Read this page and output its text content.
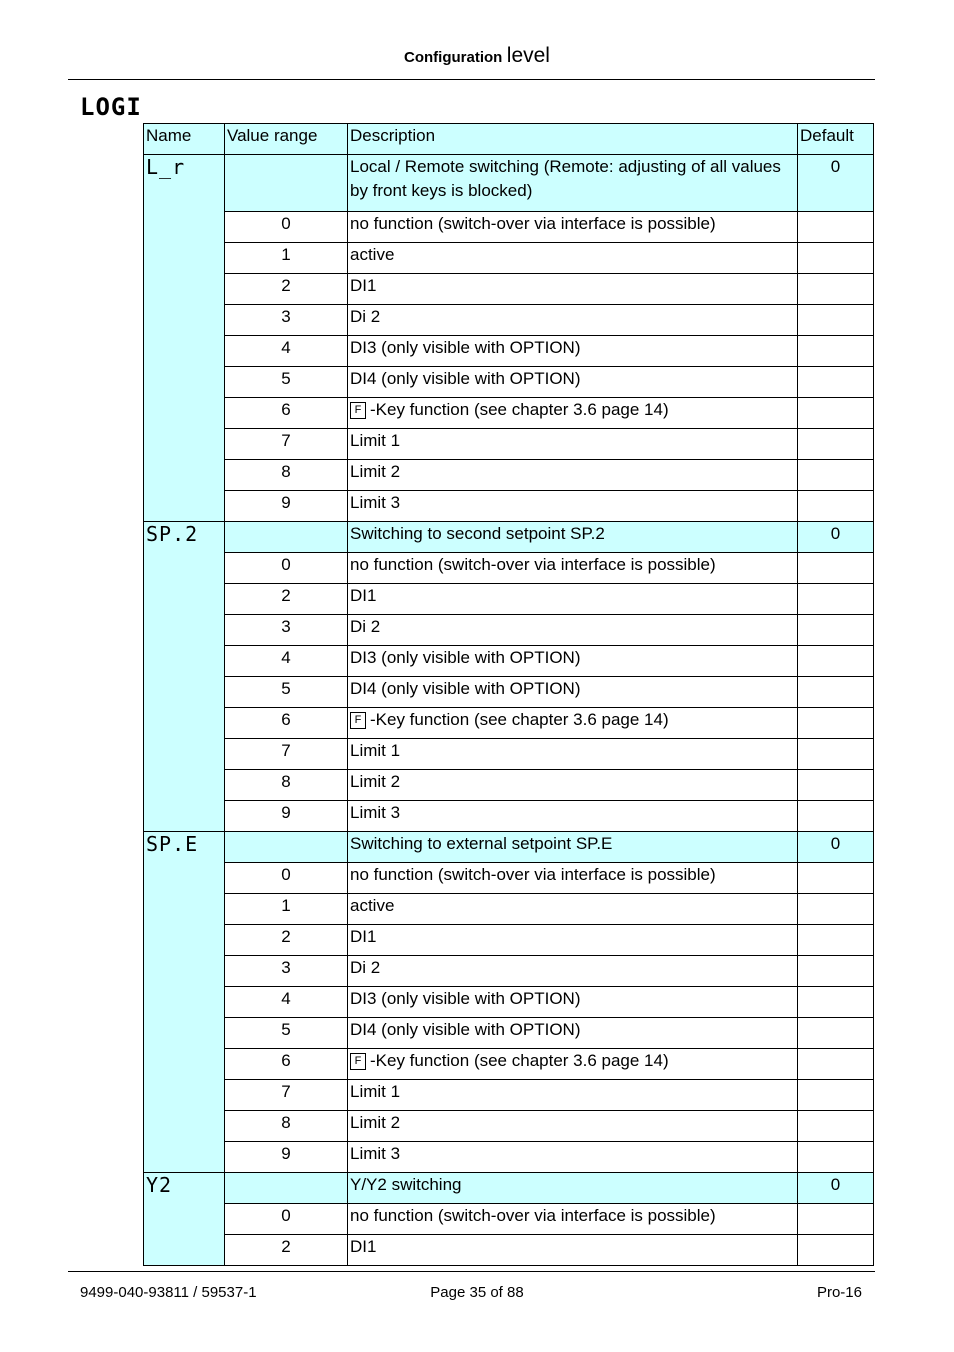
Configuration level
LOGI
Name	Value range	Description	Default
L_r		Local / Remote switching (Remote: adjusting of all values by front keys is blocked)	0
	0	no function (switch-over via interface is possible)	
	1	active	
	2	DI1	
	3	Di 2	
	4	DI3 (only visible with OPTION)	
	5	DI4 (only visible with OPTION)	
	6	F -Key function (see chapter 3.6 page 14)	
	7	Limit 1	
	8	Limit 2	
	9	Limit 3	
SP.2		Switching to second setpoint SP.2	0
	0	no function (switch-over via interface is possible)	
	2	DI1	
	3	Di 2	
	4	DI3 (only visible with OPTION)	
	5	DI4 (only visible with OPTION)	
	6	F -Key function (see chapter 3.6 page 14)	
	7	Limit 1	
	8	Limit 2	
	9	Limit 3	
SP.E		Switching to external setpoint SP.E	0
	0	no function (switch-over via interface is possible)	
	1	active	
	2	DI1	
	3	Di 2	
	4	DI3 (only visible with OPTION)	
	5	DI4 (only visible with OPTION)	
	6	F -Key function (see chapter 3.6 page 14)	
	7	Limit 1	
	8	Limit 2	
	9	Limit 3	
Y2		Y/Y2 switching	0
	0	no function (switch-over via interface is possible)	
	2	DI1	
9499-040-93811 / 59537-1	Page 35 of 88	Pro-16
